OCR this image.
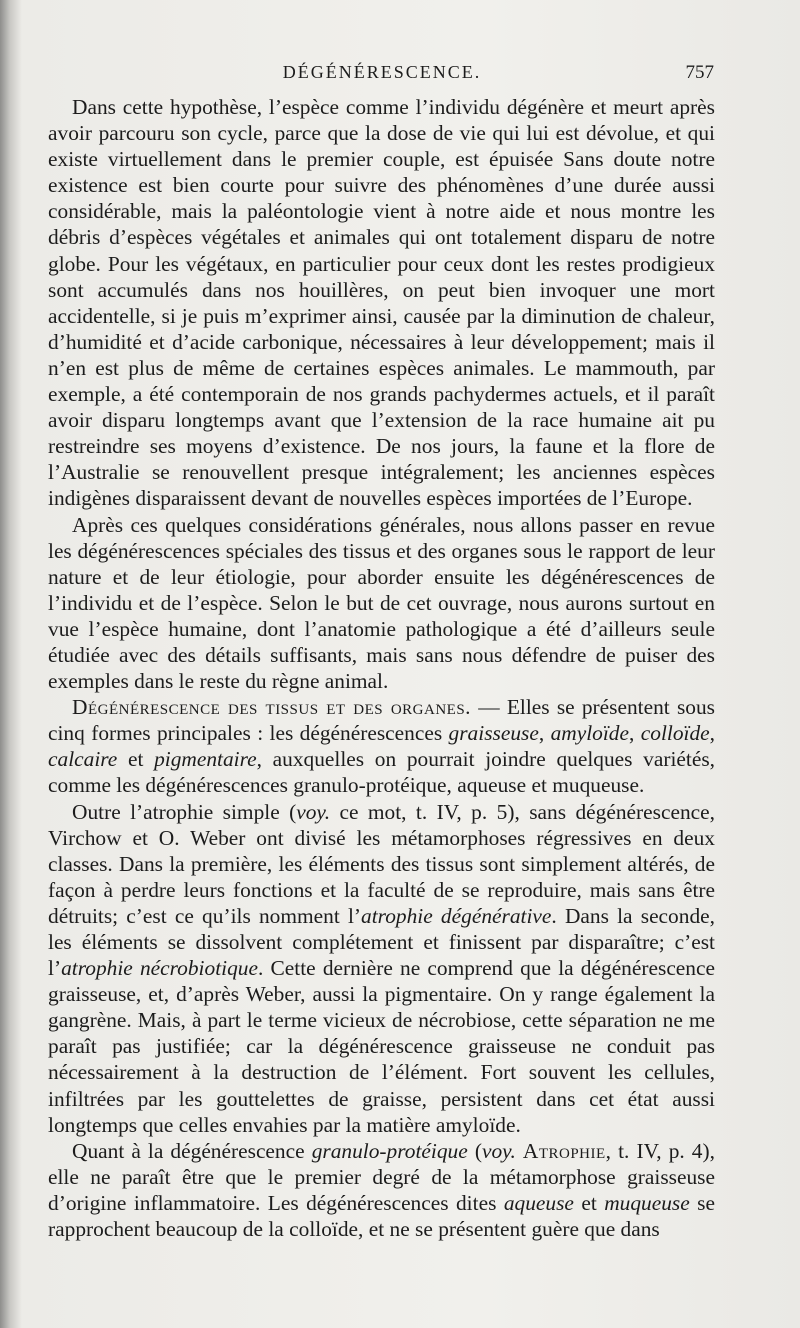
DÉGÉNÉRESCENCE.	757

Dans cette hypothèse, l’espèce comme l’individu dégénère et meurt après avoir parcouru son cycle, parce que la dose de vie qui lui est dévolue, et qui existe virtuellement dans le premier couple, est épuisée Sans doute notre existence est bien courte pour suivre des phénomènes d’une durée aussi considérable, mais la paléontologie vient à notre aide et nous montre les débris d’espèces végétales et animales qui ont totalement disparu de notre globe. Pour les végétaux, en particulier pour ceux dont les restes prodigieux sont accumulés dans nos houillères, on peut bien invoquer une mort accidentelle, si je puis m’exprimer ainsi, causée par la diminution de chaleur, d’humidité et d’acide carbonique, nécessaires à leur développement; mais il n’en est plus de même de certaines espèces animales. Le mammouth, par exemple, a été contemporain de nos grands pachydermes actuels, et il paraît avoir disparu longtemps avant que l’extension de la race humaine ait pu restreindre ses moyens d’existence. De nos jours, la faune et la flore de l’Australie se renouvellent presque intégralement; les anciennes espèces indigènes disparaissent devant de nouvelles espèces importées de l’Europe.

Après ces quelques considérations générales, nous allons passer en revue les dégénérescences spéciales des tissus et des organes sous le rapport de leur nature et de leur étiologie, pour aborder ensuite les dégénérescences de l’individu et de l’espèce. Selon le but de cet ouvrage, nous aurons surtout en vue l’espèce humaine, dont l’anatomie pathologique a été d’ailleurs seule étudiée avec des détails suffisants, mais sans nous défendre de puiser des exemples dans le reste du règne animal.

Dégénérescence des tissus et des organes. — Elles se présentent sous cinq formes principales : les dégénérescences graisseuse, amyloïde, colloïde, calcaire et pigmentaire, auxquelles on pourrait joindre quelques variétés, comme les dégénérescences granulo-protéique, aqueuse et muqueuse.

Outre l’atrophie simple (voy. ce mot, t. IV, p. 5), sans dégénérescence, Virchow et O. Weber ont divisé les métamorphoses régressives en deux classes. Dans la première, les éléments des tissus sont simplement altérés, de façon à perdre leurs fonctions et la faculté de se reproduire, mais sans être détruits; c’est ce qu’ils nomment l’atrophie dégénérative. Dans la seconde, les éléments se dissolvent complétement et finissent par disparaître; c’est l’atrophie nécrobiotique. Cette dernière ne comprend que la dégénérescence graisseuse, et, d’après Weber, aussi la pigmentaire. On y range également la gangrène. Mais, à part le terme vicieux de nécrobiose, cette séparation ne me paraît pas justifiée; car la dégénérescence graisseuse ne conduit pas nécessairement à la destruction de l’élément. Fort souvent les cellules, infiltrées par les gouttelettes de graisse, persistent dans cet état aussi longtemps que celles envahies par la matière amyloïde.

Quant à la dégénérescence granulo-protéique (voy. Atrophie, t. IV, p. 4), elle ne paraît être que le premier degré de la métamorphose graisseuse d’origine inflammatoire. Les dégénérescences dites aqueuse et muqueuse se rapprochent beaucoup de la colloïde, et ne se présentent guère que dans
